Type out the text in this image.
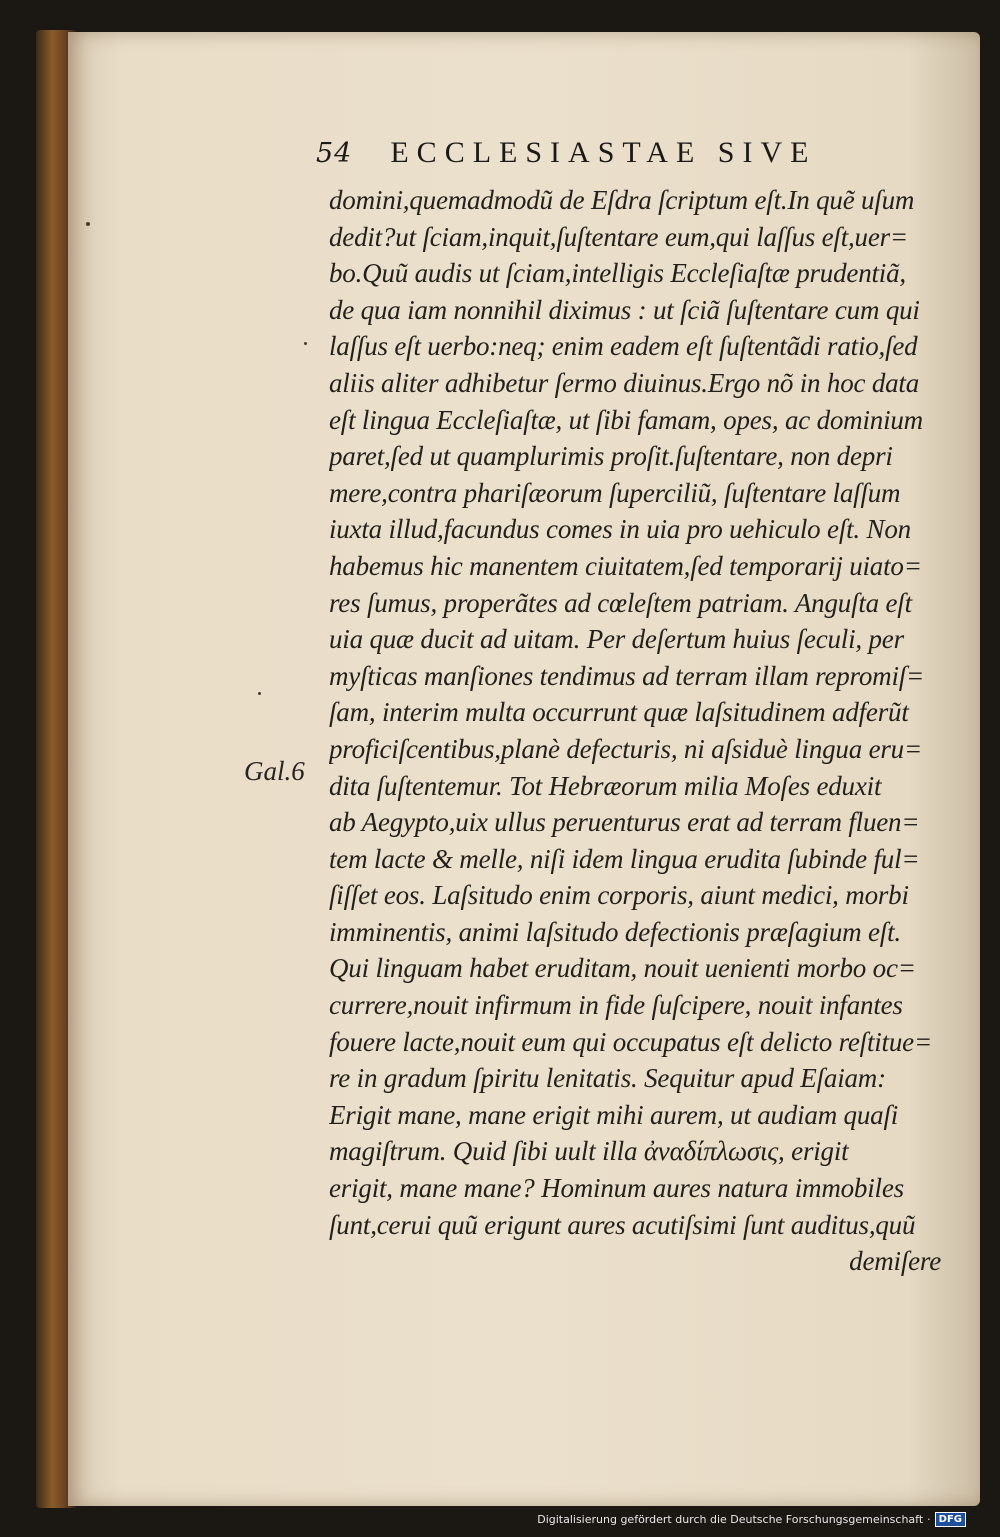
54 ECCLESIASTAE SIVE
Gal.6
domini,quemadmodũ de Eſdra ſcriptum eſt.In quẽ uſum
dedit?ut ſciam,inquit,ſuſtentare eum,qui laſſus eſt,uer=
bo.Quũ audis ut ſciam,intelligis Eccleſiaſtæ prudentiã,
de qua iam nonnihil diximus : ut ſciã ſuſtentare cum qui
laſſus eſt uerbo:neq; enim eadem eſt ſuſtentãdi ratio,ſed
aliis aliter adhibetur ſermo diuinus.Ergo nõ in hoc data
eſt lingua Eccleſiaſtæ, ut ſibi famam, opes, ac dominium
paret,ſed ut quamplurimis proſit.ſuſtentare, non depri
mere,contra phariſæorum ſuperciliũ, ſuſtentare laſſum
iuxta illud,facundus comes in uia pro uehiculo eſt. Non
habemus hic manentem ciuitatem,ſed temporarij uiato=
res ſumus, properãtes ad cœleſtem patriam. Anguſta eſt
uia quæ ducit ad uitam. Per deſertum huius ſeculi, per
myſticas manſiones tendimus ad terram illam repromiſ=
ſam, interim multa occurrunt quæ laſsitudinem adferũt
proficiſcentibus,planè defecturis, ni aſsiduè lingua eru=
dita ſuſtentemur. Tot Hebræorum milia Moſes eduxit
ab Aegypto,uix ullus peruenturus erat ad terram fluen=
tem lacte & melle, niſi idem lingua erudita ſubinde ful=
ſiſſet eos. Laſsitudo enim corporis, aiunt medici, morbi
imminentis, animi laſsitudo defectionis præſagium eſt.
Qui linguam habet eruditam, nouit uenienti morbo oc=
currere,nouit infirmum in fide ſuſcipere, nouit infantes
fouere lacte,nouit eum qui occupatus eſt delicto reſtitue=
re in gradum ſpiritu lenitatis. Sequitur apud Eſaiam:
Erigit mane, mane erigit mihi aurem, ut audiam quaſi
magiſtrum. Quid ſibi uult illa ἀναδίπλωσις, erigit
erigit, mane mane? Hominum aures natura immobiles
ſunt,cerui quũ erigunt aures acutiſsimi ſunt auditus,quũ
demiſere
Digitalisierung gefördert durch die Deutsche Forschungsgemeinschaft · DFG
